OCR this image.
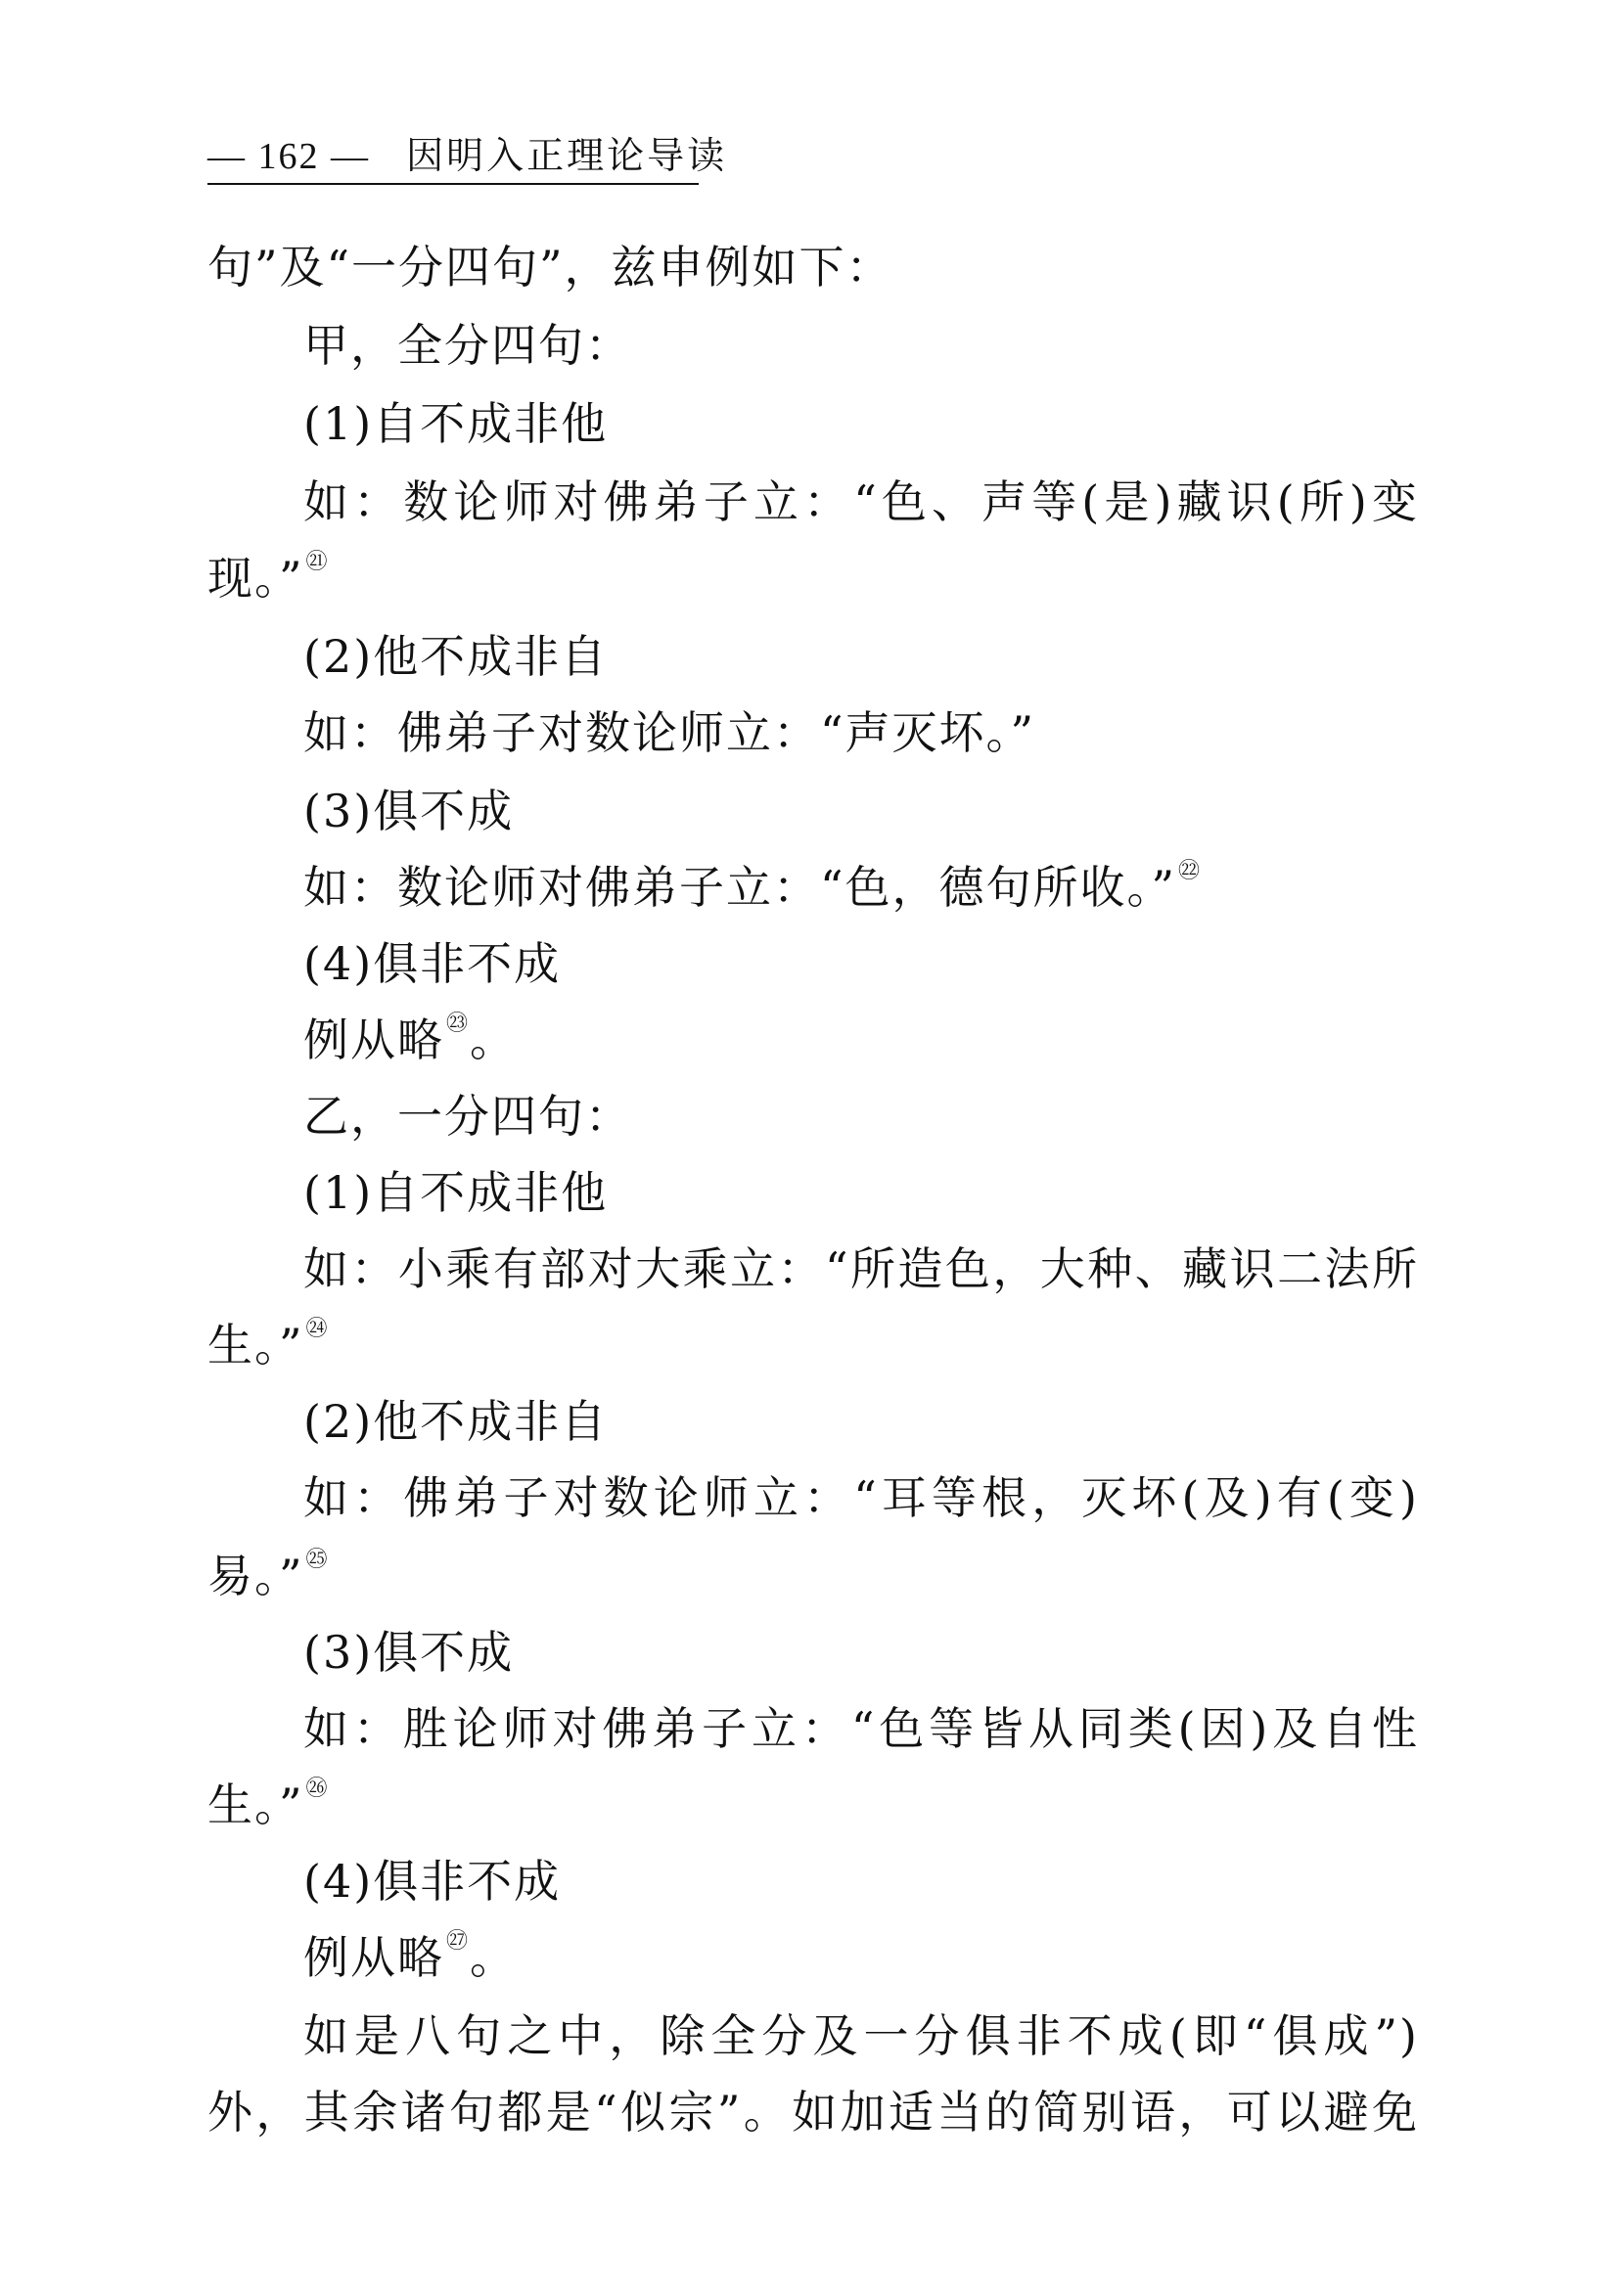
— 162 — 因明入正理论导读
句”及“一分四句”，兹申例如下：
甲，全分四句：
(1)自不成非他
如：数论师对佛弟子立：“色、声等(是)藏识(所)变
现。”㉑
(2)他不成非自
如：佛弟子对数论师立：“声灭坏。”
(3)俱不成
如：数论师对佛弟子立：“色，德句所收。”㉒
(4)俱非不成
例从略㉓。
乙，一分四句：
(1)自不成非他
如：小乘有部对大乘立：“所造色，大种、藏识二法所
生。”㉔
(2)他不成非自
如：佛弟子对数论师立：“耳等根，灭坏(及)有(变)
易。”㉕
(3)俱不成
如：胜论师对佛弟子立：“色等皆从同类(因)及自性
生。”㉖
(4)俱非不成
例从略㉗。
如是八句之中，除全分及一分俱非不成(即“俱成”)
外，其余诸句都是“似宗”。如加适当的简别语，可以避免
